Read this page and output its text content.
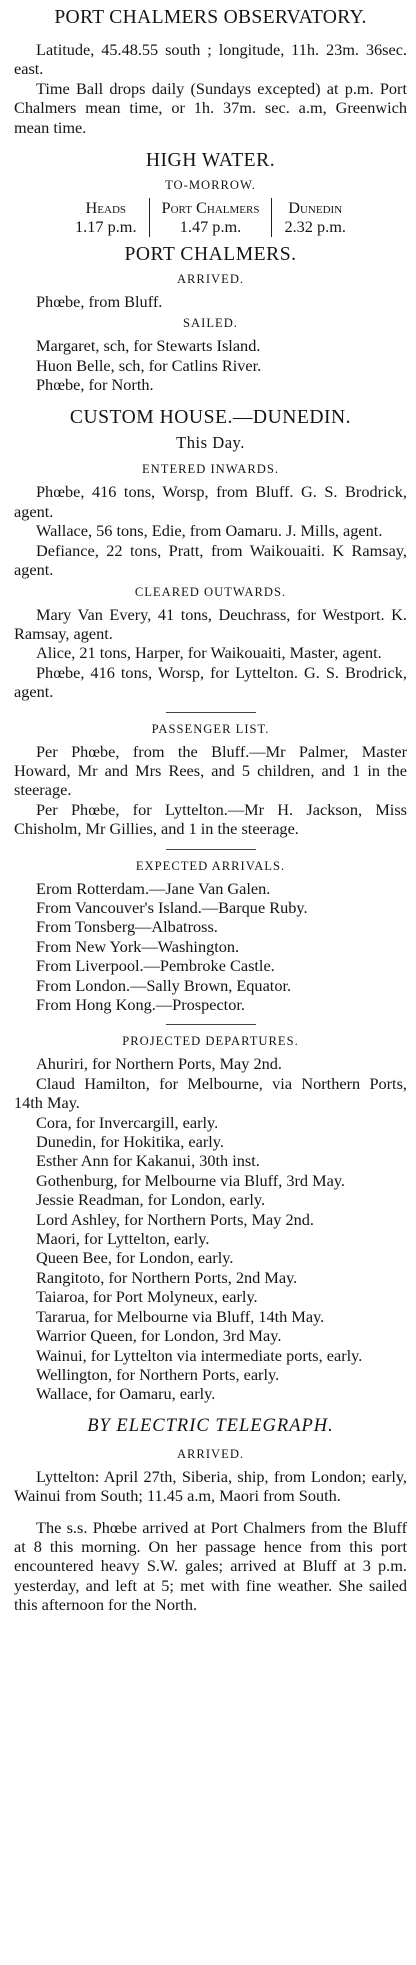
PORT CHALMERS OBSERVATORY.

Latitude, 45.48.55 south ; longitude, 11h. 23m. 36sec. east.

Time Ball drops daily (Sundays excepted) at p.m. Port Chalmers mean time, or 1h. 37m. sec. a.m, Greenwich mean time.

HIGH WATER.
TO-MORROW.
Heads
1.17 p.m.
Port Chalmers
1.47 p.m.
Dunedin
2.32 p.m.
PORT CHALMERS.
ARRIVED.

Phœbe, from Bluff.

SAILED.

Margaret, sch, for Stewarts Island.

Huon Belle, sch, for Catlins River.

Phœbe, for North.

CUSTOM HOUSE.—DUNEDIN.
This Day.
ENTERED INWARDS.

Phœbe, 416 tons, Worsp, from Bluff. G. S. Brodrick, agent.

Wallace, 56 tons, Edie, from Oamaru. J. Mills, agent.

Defiance, 22 tons, Pratt, from Waikouaiti. K Ramsay, agent.

CLEARED OUTWARDS.

Mary Van Every, 41 tons, Deuchrass, for Westport. K. Ramsay, agent.

Alice, 21 tons, Harper, for Waikouaiti, Master, agent.

Phœbe, 416 tons, Worsp, for Lyttelton. G. S. Brodrick, agent.

PASSENGER LIST.

Per Phœbe, from the Bluff.—Mr Palmer, Master Howard, Mr and Mrs Rees, and 5 children, and 1 in the steerage.

Per Phœbe, for Lyttelton.—Mr H. Jackson, Miss Chisholm, Mr Gillies, and 1 in the steerage.

EXPECTED ARRIVALS.

Erom Rotterdam.—Jane Van Galen.

From Vancouver's Island.—Barque Ruby.

From Tonsberg—Albatross.

From New York—Washington.

From Liverpool.—Pembroke Castle.

From London.—Sally Brown, Equator.

From Hong Kong.—Prospector.

PROJECTED DEPARTURES.

Ahuriri, for Northern Ports, May 2nd.

Claud Hamilton, for Melbourne, via Northern Ports, 14th May.

Cora, for Invercargill, early.

Dunedin, for Hokitika, early.

Esther Ann for Kakanui, 30th inst.

Gothenburg, for Melbourne via Bluff, 3rd May.

Jessie Readman, for London, early.

Lord Ashley, for Northern Ports, May 2nd.

Maori, for Lyttelton, early.

Queen Bee, for London, early.

Rangitoto, for Northern Ports, 2nd May.

Taiaroa, for Port Molyneux, early.

Tararua, for Melbourne via Bluff, 14th May.

Warrior Queen, for London, 3rd May.

Wainui, for Lyttelton via intermediate ports, early.

Wellington, for Northern Ports, early.

Wallace, for Oamaru, early.

BY ELECTRIC TELEGRAPH.
ARRIVED.

Lyttelton: April 27th, Siberia, ship, from London; early, Wainui from South; 11.45 a.m, Maori from South.

The s.s. Phœbe arrived at Port Chalmers from the Bluff at 8 this morning. On her passage hence from this port encountered heavy S.W. gales; arrived at Bluff at 3 p.m. yesterday, and left at 5; met with fine weather. She sailed this afternoon for the North.
